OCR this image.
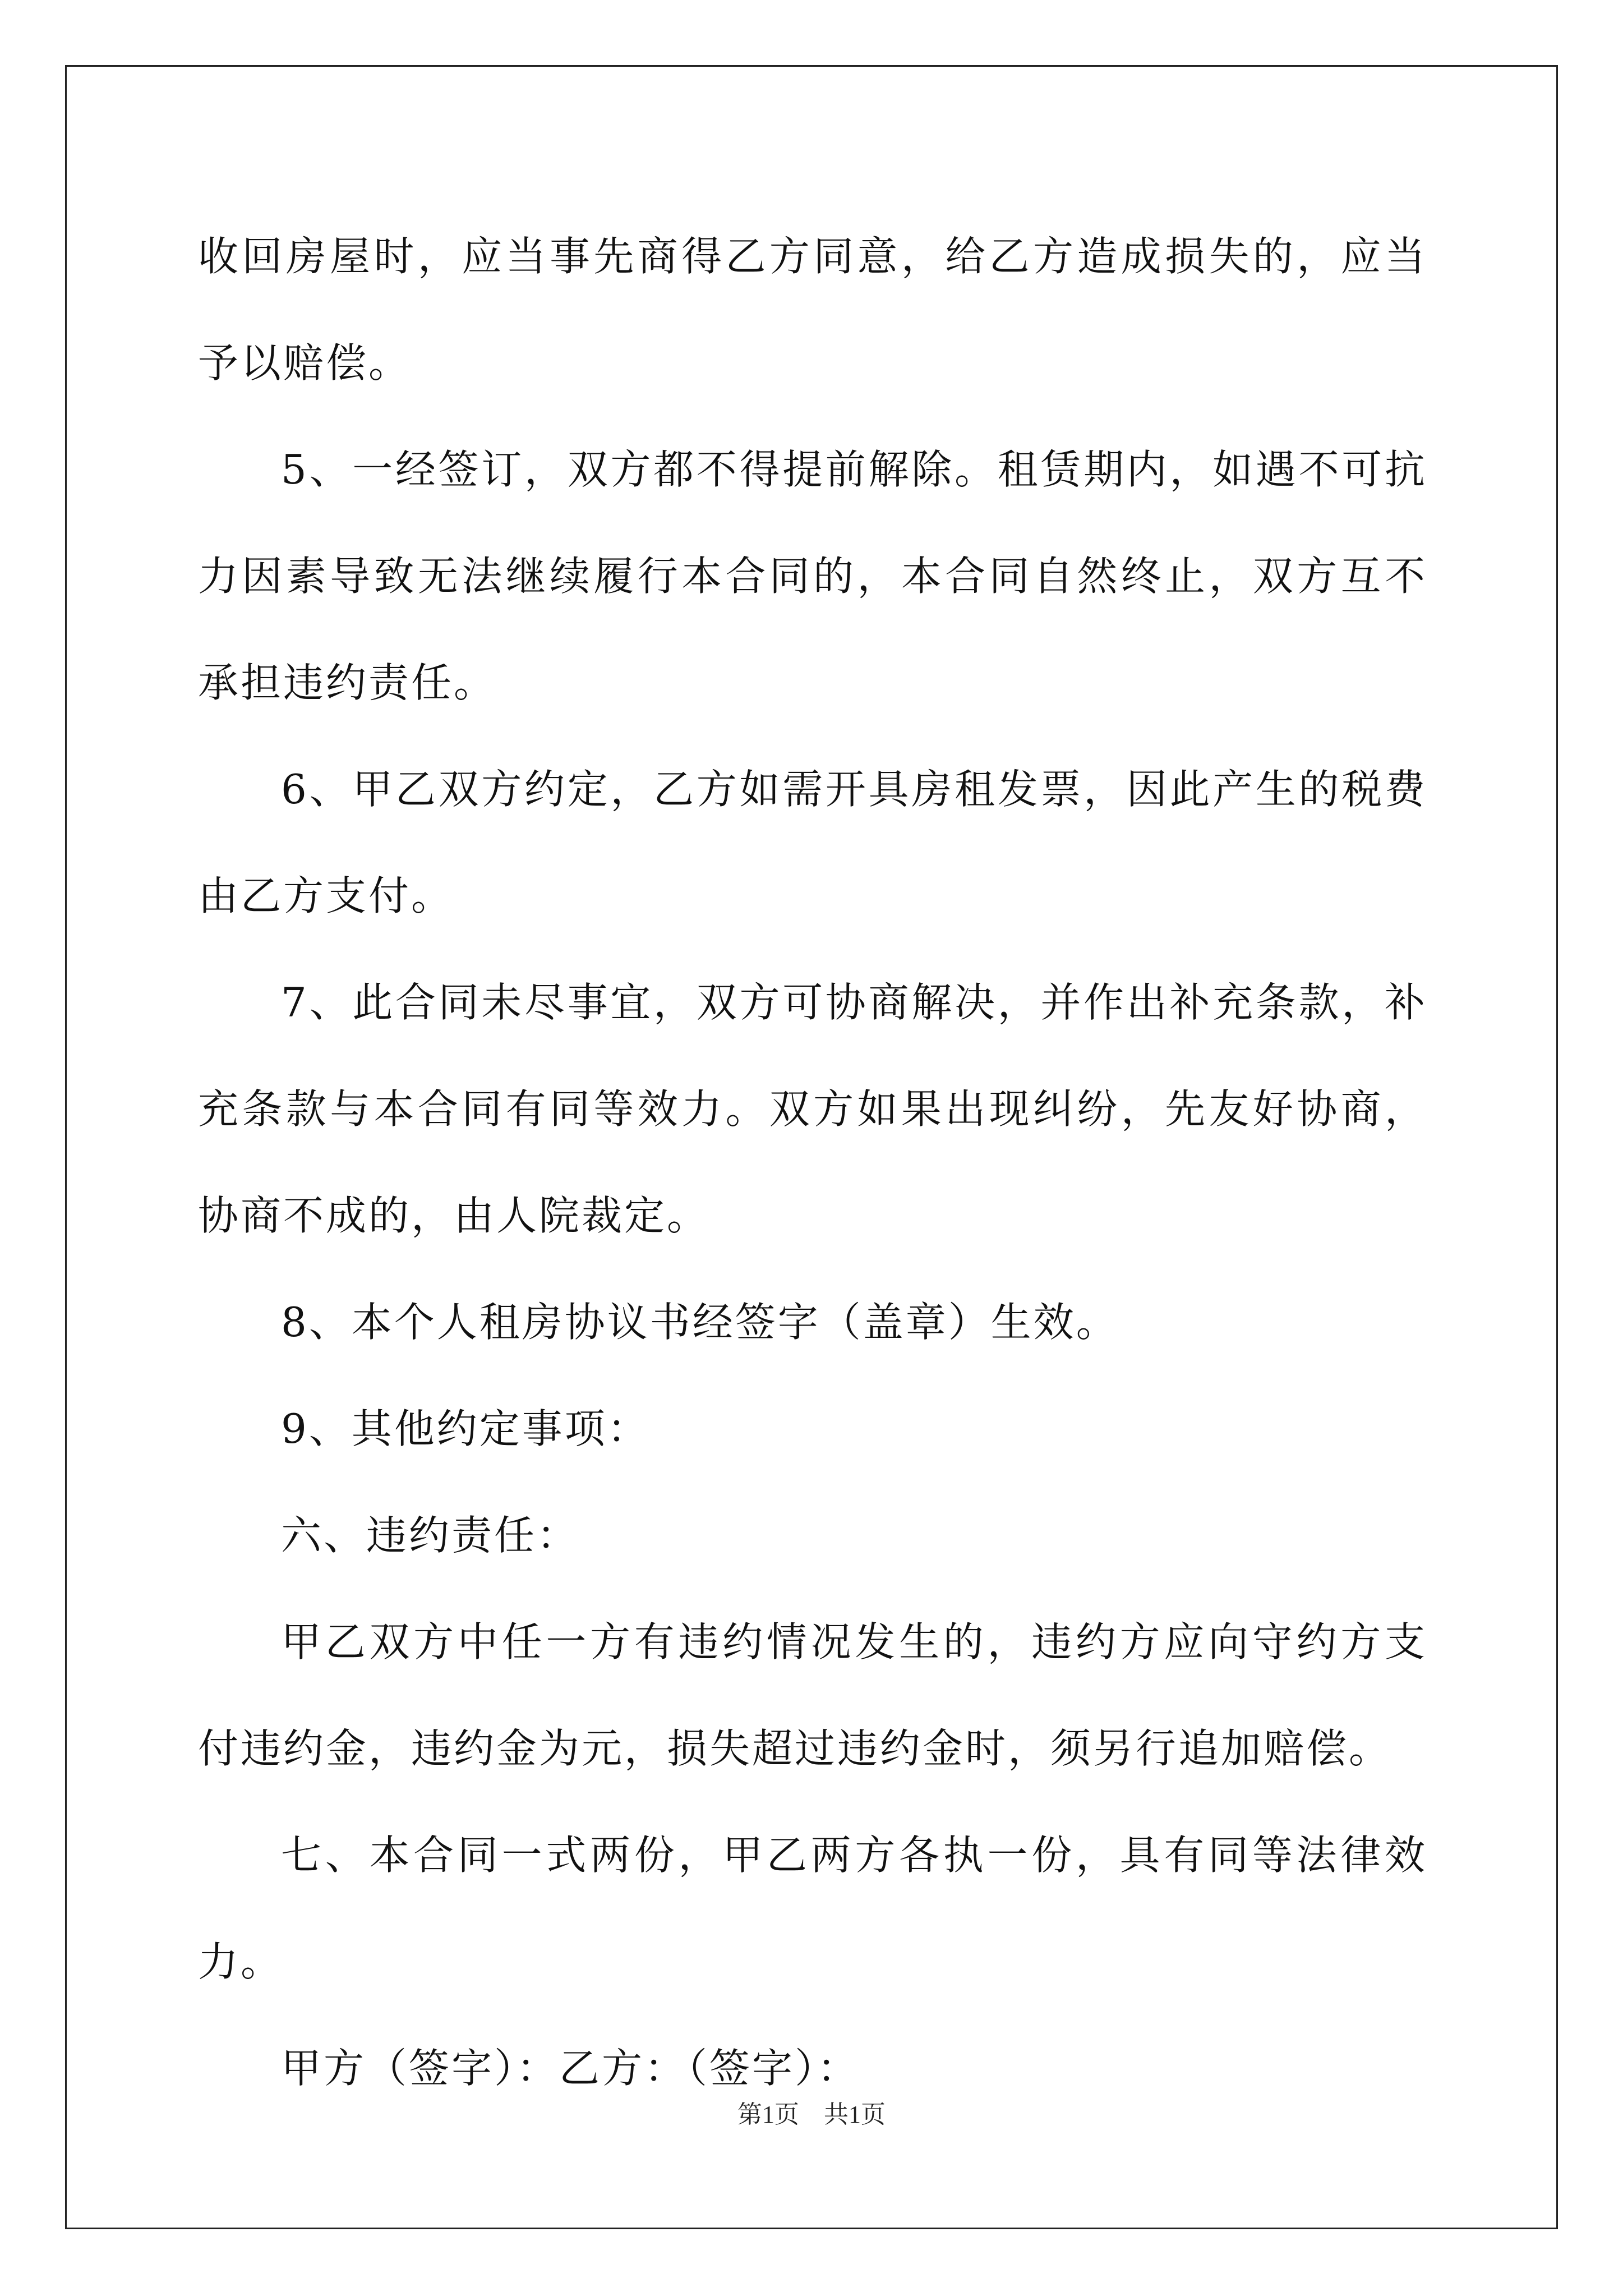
收回房屋时，应当事先商得乙方同意，给乙方造成损失的，应当予以赔偿。

5、一经签订，双方都不得提前解除。租赁期内，如遇不可抗力因素导致无法继续履行本合同的，本合同自然终止，双方互不承担违约责任。

6、甲乙双方约定，乙方如需开具房租发票，因此产生的税费由乙方支付。

7、此合同未尽事宜，双方可协商解决，并作出补充条款，补充条款与本合同有同等效力。双方如果出现纠纷，先友好协商，协商不成的，由人院裁定。

8、本个人租房协议书经签字（盖章）生效。

9、其他约定事项：

六、违约责任：

甲乙双方中任一方有违约情况发生的，违约方应向守约方支付违约金，违约金为元，损失超过违约金时，须另行追加赔偿。

七、本合同一式两份，甲乙两方各执一份，具有同等法律效力。

甲方（签字）：乙方：（签字）：

第1页　共1页
